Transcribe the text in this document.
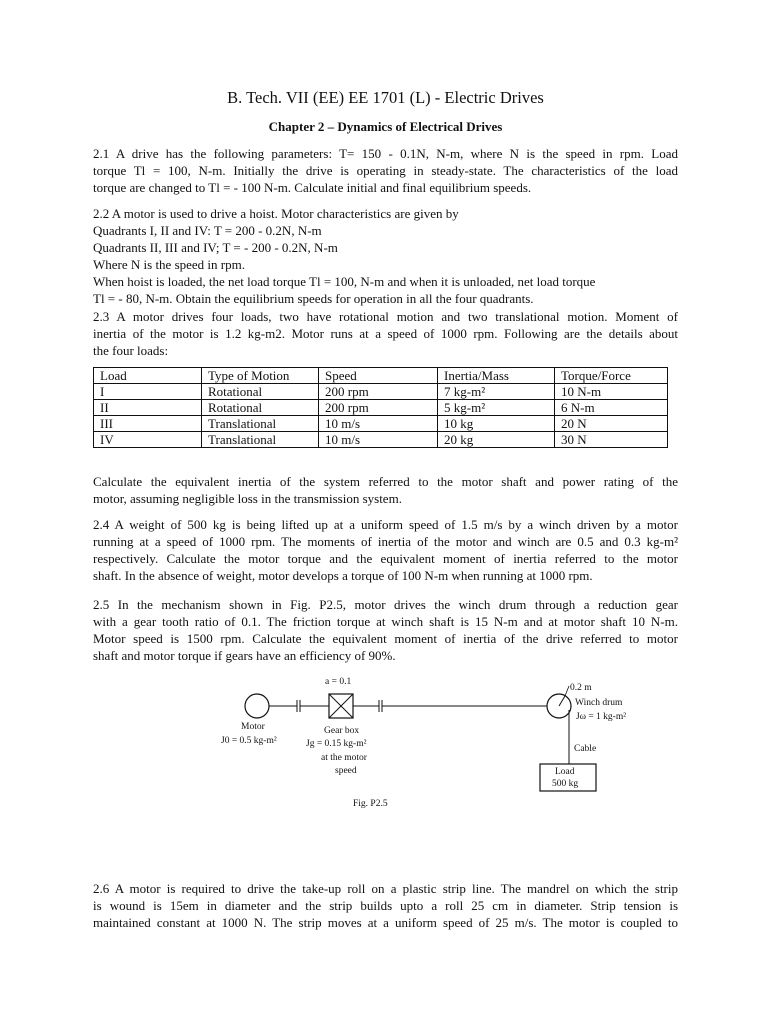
B. Tech. VII (EE) EE 1701 (L) - Electric Drives
Chapter 2 – Dynamics of Electrical Drives
2.1 A drive has the following parameters: T= 150 - 0.1N, N-m, where N is the speed in rpm. Load
torque Tl = 100, N-m. Initially the drive is operating in steady-state. The characteristics of the load
torque are changed to Tl = - 100 N-m. Calculate initial and final equilibrium speeds.
2.2 A motor is used to drive a hoist. Motor characteristics are given by
Quadrants I, II and IV: T = 200 - 0.2N, N-m
Quadrants II, III and IV; T = - 200 - 0.2N, N-m
Where N is the speed in rpm.
When hoist is loaded, the net load torque Tl = 100, N-m and when it is unloaded, net load torque
Tl = - 80, N-m. Obtain the equilibrium speeds for operation in all the four quadrants.
2.3 A motor drives four loads, two have rotational motion and two translational motion. Moment of
inertia of the motor is 1.2 kg-m2. Motor runs at a speed of 1000 rpm. Following are the details about
the four loads:
Load	Type of Motion	Speed	Inertia/Mass	Torque/Force
I	Rotational	200 rpm	7 kg-m²	10 N-m
II	Rotational	200 rpm	5 kg-m²	6 N-m
III	Translational	10 m/s	10 kg	20 N
IV	Translational	10 m/s	20 kg	30 N
Calculate the equivalent inertia of the system referred to the motor shaft and power rating of the
motor, assuming negligible loss in the transmission system.
2.4 A weight of 500 kg is being lifted up at a uniform speed of 1.5 m/s by a winch driven by a motor
running at a speed of 1000 rpm. The moments of inertia of the motor and winch are 0.5 and 0.3 kg-m²
respectively. Calculate the motor torque and the equivalent moment of inertia referred to the motor
shaft. In the absence of weight, motor develops a torque of 100 N-m when running at 1000 rpm.
2.5 In the mechanism shown in Fig. P2.5, motor drives the winch drum through a reduction gear
with a gear tooth ratio of 0.1. The friction torque at winch shaft is 15 N-m and at motor shaft 10 N-m.
Motor speed is 1500 rpm. Calculate the equivalent moment of inertia of the drive referred to motor
shaft and motor torque if gears have an efficiency of 90%.
a = 0.1
0.2 m
Winch drum
Jω = 1 kg-m²
Motor
J0 = 0.5 kg-m²
Gear box
Jg = 0.15 kg-m²
at the motor
speed
Cable
Load
500 kg
Fig. P2.5
2.6 A motor is required to drive the take-up roll on a plastic strip line. The mandrel on which the strip
is wound is 15em in diameter and the strip builds upto a roll 25 cm in diameter. Strip tension is
maintained constant at 1000 N. The strip moves at a uniform speed of 25 m/s. The motor is coupled to
